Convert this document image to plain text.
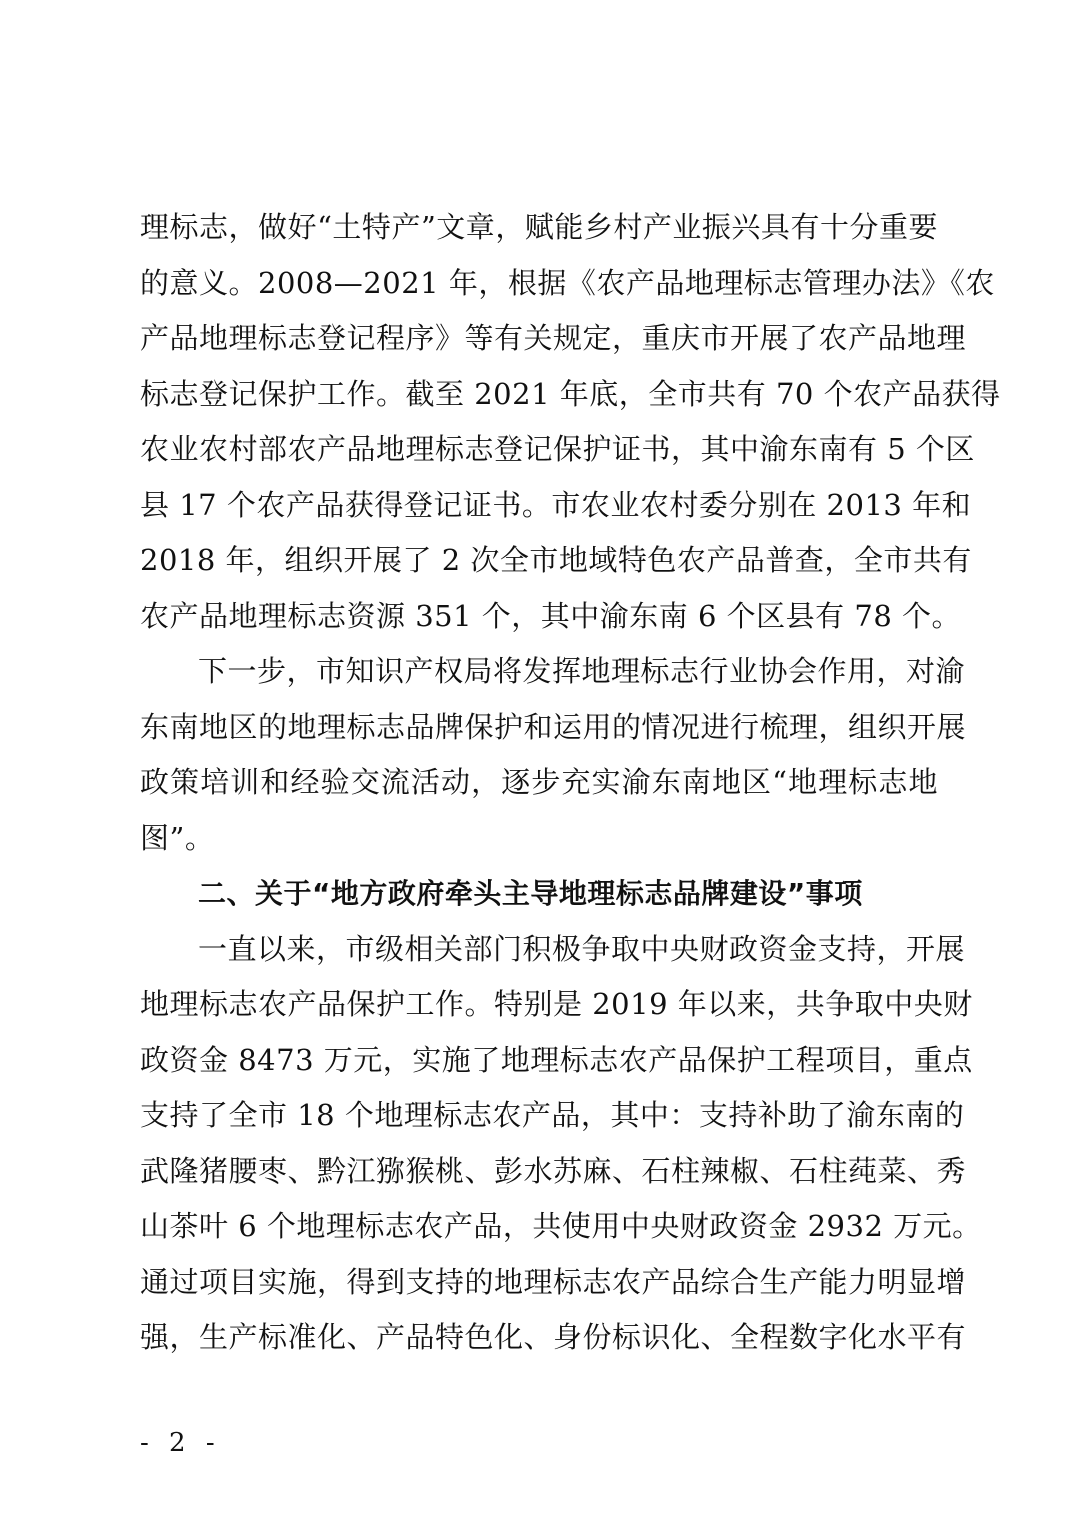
理标志，做好“土特产”文章，赋能乡村产业振兴具有十分重要
的意义。2008—2021 年，根据《农产品地理标志管理办法》《农
产品地理标志登记程序》等有关规定，重庆市开展了农产品地理
标志登记保护工作。截至 2021 年底，全市共有 70 个农产品获得
农业农村部农产品地理标志登记保护证书，其中渝东南有 5 个区
县 17 个农产品获得登记证书。市农业农村委分别在 2013 年和
2018 年，组织开展了 2 次全市地域特色农产品普查，全市共有
农产品地理标志资源 351 个，其中渝东南 6 个区县有 78 个。
下一步，市知识产权局将发挥地理标志行业协会作用，对渝
东南地区的地理标志品牌保护和运用的情况进行梳理，组织开展
政策培训和经验交流活动，逐步充实渝东南地区“地理标志地
图”。
二、关于“地方政府牵头主导地理标志品牌建设”事项
一直以来，市级相关部门积极争取中央财政资金支持，开展
地理标志农产品保护工作。特别是 2019 年以来，共争取中央财
政资金 8473 万元，实施了地理标志农产品保护工程项目，重点
支持了全市 18 个地理标志农产品，其中：支持补助了渝东南的
武隆猪腰枣、黔江猕猴桃、彭水苏麻、石柱辣椒、石柱莼菜、秀
山茶叶 6 个地理标志农产品，共使用中央财政资金 2932 万元。
通过项目实施，得到支持的地理标志农产品综合生产能力明显增
强，生产标准化、产品特色化、身份标识化、全程数字化水平有
- 2 -
